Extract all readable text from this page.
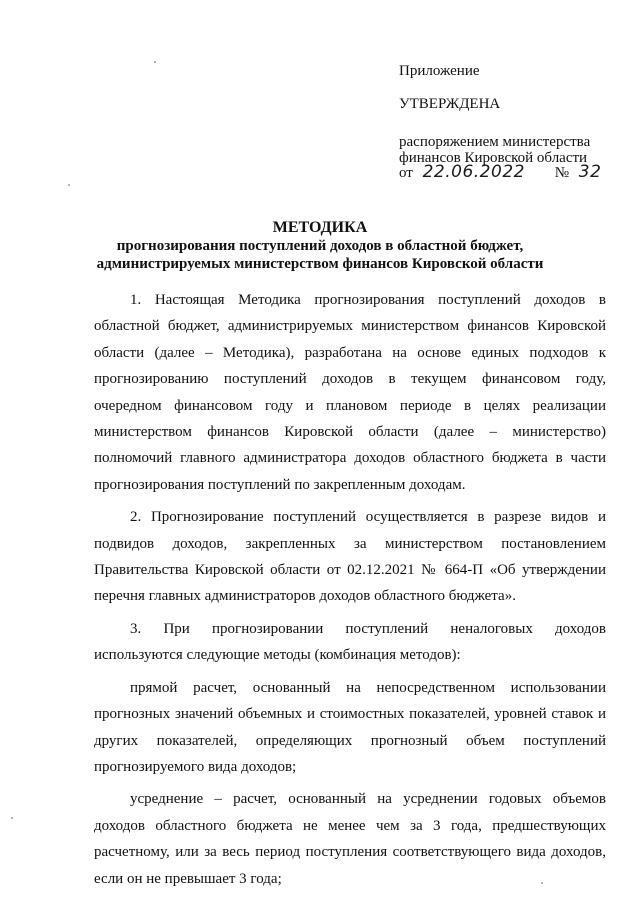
Приложение
УТВЕРЖДЕНА
распоряжением министерства
финансов Кировской области
от 22.06.2022 № 32
МЕТОДИКА
прогнозирования поступлений доходов в областной бюджет,
администрируемых министерством финансов Кировской области

1. Настоящая Методика прогнозирования поступлений доходов в областной бюджет, администрируемых министерством финансов Кировской области (далее – Методика), разработана на основе единых подходов к прогнозированию поступлений доходов в текущем финансовом году, очередном финансовом году и плановом периоде в целях реализации министерством финансов Кировской области (далее – министерство) полномочий главного администратора доходов областного бюджета в части прогнозирования поступлений по закрепленным доходам.

2. Прогнозирование поступлений осуществляется в разрезе видов и подвидов доходов, закрепленных за министерством постановлением Правительства Кировской области от 02.12.2021 № 664-П «Об утверждении перечня главных администраторов доходов областного бюджета».

3. При прогнозировании поступлений неналоговых доходов используются следующие методы (комбинация методов):

прямой расчет, основанный на непосредственном использовании прогнозных значений объемных и стоимостных показателей, уровней ставок и других показателей, определяющих прогнозный объем поступлений прогнозируемого вида доходов;

усреднение – расчет, основанный на усреднении годовых объемов доходов областного бюджета не менее чем за 3 года, предшествующих расчетному, или за весь период поступления соответствующего вида доходов, если он не превышает 3 года;
